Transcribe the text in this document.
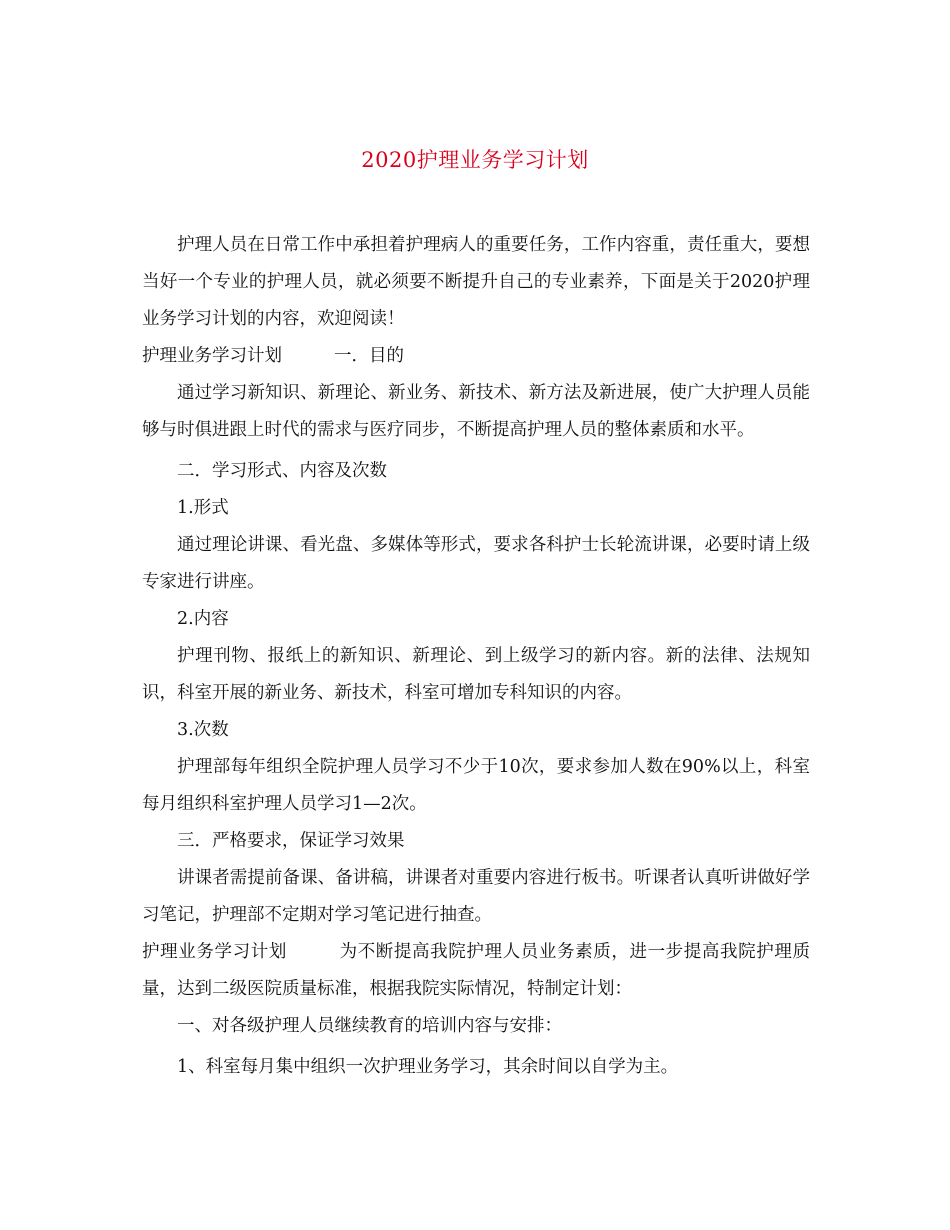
2020护理业务学习计划

护理人员在日常工作中承担着护理病人的重要任务，工作内容重，责任重大，要想当好一个专业的护理人员，就必须要不断提升自己的专业素养，下面是关于2020护理业务学习计划的内容，欢迎阅读！

护理业务学习计划	一．目的

通过学习新知识、新理论、新业务、新技术、新方法及新进展，使广大护理人员能够与时俱进跟上时代的需求与医疗同步，不断提高护理人员的整体素质和水平。

二．学习形式、内容及次数

1.形式

通过理论讲课、看光盘、多媒体等形式，要求各科护士长轮流讲课，必要时请上级专家进行讲座。

2.内容

护理刊物、报纸上的新知识、新理论、到上级学习的新内容。新的法律、法规知识，科室开展的新业务、新技术，科室可增加专科知识的内容。

3.次数

护理部每年组织全院护理人员学习不少于10次，要求参加人数在90%以上，科室每月组织科室护理人员学习1—2次。

三．严格要求，保证学习效果

讲课者需提前备课、备讲稿，讲课者对重要内容进行板书。听课者认真听讲做好学习笔记，护理部不定期对学习笔记进行抽查。

护理业务学习计划	为不断提高我院护理人员业务素质，进一步提高我院护理质量，达到二级医院质量标准，根据我院实际情况，特制定计划：

一、对各级护理人员继续教育的培训内容与安排：

1、科室每月集中组织一次护理业务学习，其余时间以自学为主。
